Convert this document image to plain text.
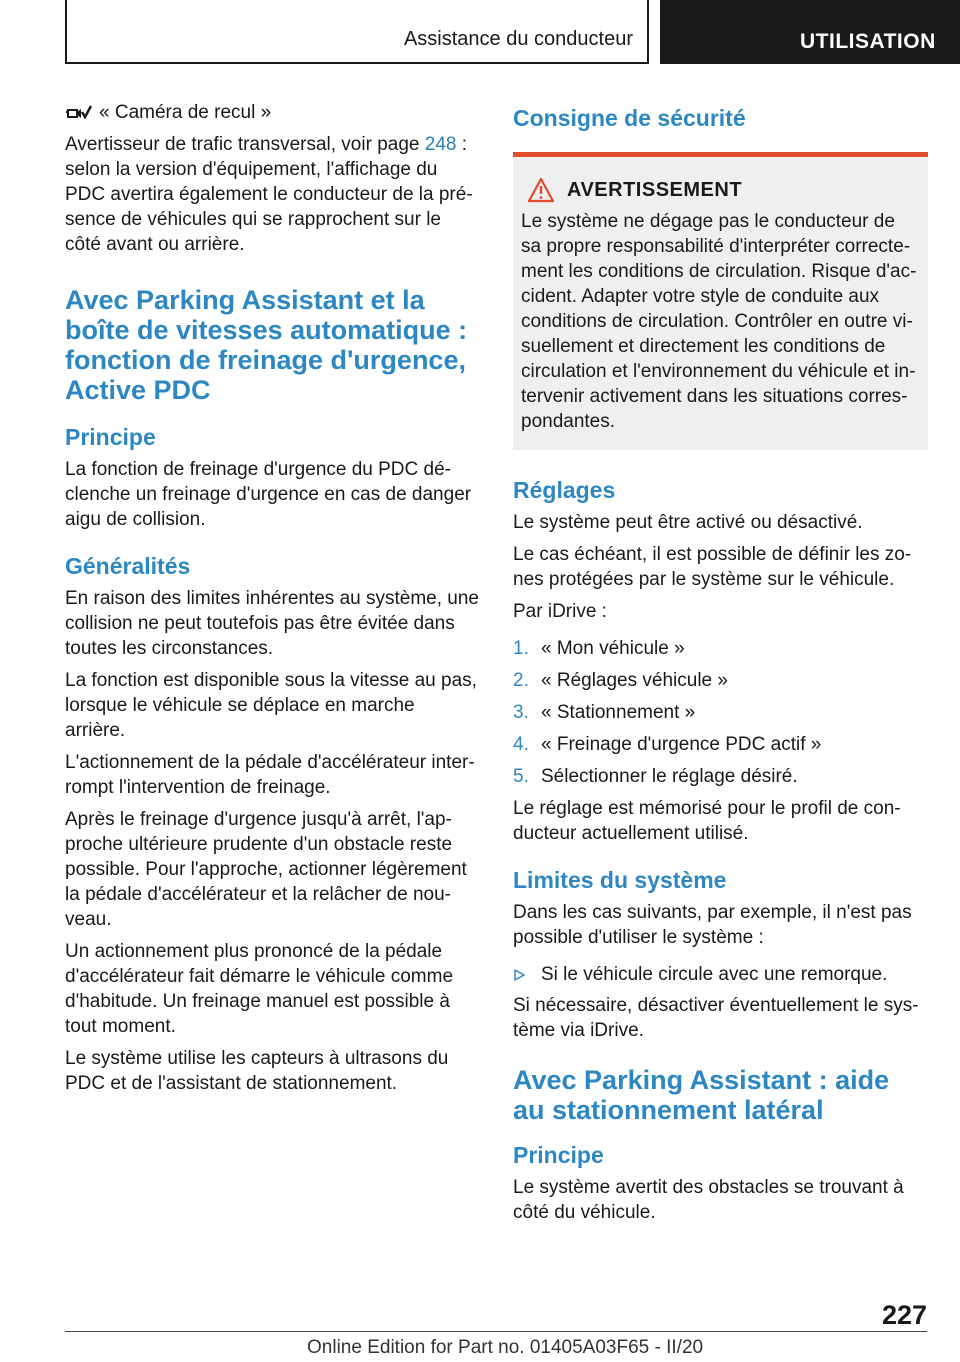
Assistance du conducteur	UTILISATION
« Caméra de recul »

Avertisseur de trafic transversal, voir page 248 : selon la version d'équipement, l'affichage du PDC avertira également le conducteur de la pré-sence de véhicules qui se rapprochent sur le côté avant ou arrière.

Avec Parking Assistant et la boîte de vitesses automatique : fonction de freinage d'urgence, Active PDC
Principe

La fonction de freinage d'urgence du PDC dé-clenche un freinage d'urgence en cas de danger aigu de collision.

Généralités

En raison des limites inhérentes au système, une collision ne peut toutefois pas être évitée dans toutes les circonstances.

La fonction est disponible sous la vitesse au pas, lorsque le véhicule se déplace en marche arrière.

L'actionnement de la pédale d'accélérateur inter-rompt l'intervention de freinage.

Après le freinage d'urgence jusqu'à arrêt, l'ap-proche ultérieure prudente d'un obstacle reste possible. Pour l'approche, actionner légèrement la pédale d'accélérateur et la relâcher de nou-veau.

Un actionnement plus prononcé de la pédale d'accélérateur fait démarre le véhicule comme d'habitude. Un freinage manuel est possible à tout moment.

Le système utilise les capteurs à ultrasons du PDC et de l'assistant de stationnement.

Consigne de sécurité
AVERTISSEMENT

Le système ne dégage pas le conducteur de sa propre responsabilité d'interpréter correcte-ment les conditions de circulation. Risque d'ac-cident. Adapter votre style de conduite aux conditions de circulation. Contrôler en outre vi-suellement et directement les conditions de circulation et l'environnement du véhicule et in-tervenir activement dans les situations corres-pondantes.

Réglages

Le système peut être activé ou désactivé.

Le cas échéant, il est possible de définir les zo-nes protégées par le système sur le véhicule.

Par iDrive :

1. « Mon véhicule »
2. « Réglages véhicule »
3. « Stationnement »
4. « Freinage d'urgence PDC actif »
5. Sélectionner le réglage désiré.

Le réglage est mémorisé pour le profil de con-ducteur actuellement utilisé.

Limites du système

Dans les cas suivants, par exemple, il n'est pas possible d'utiliser le système :

Si le véhicule circule avec une remorque.

Si nécessaire, désactiver éventuellement le sys-tème via iDrive.

Avec Parking Assistant : aide au stationnement latéral
Principe

Le système avertit des obstacles se trouvant à côté du véhicule.

227
Online Edition for Part no. 01405A03F65 - II/20
